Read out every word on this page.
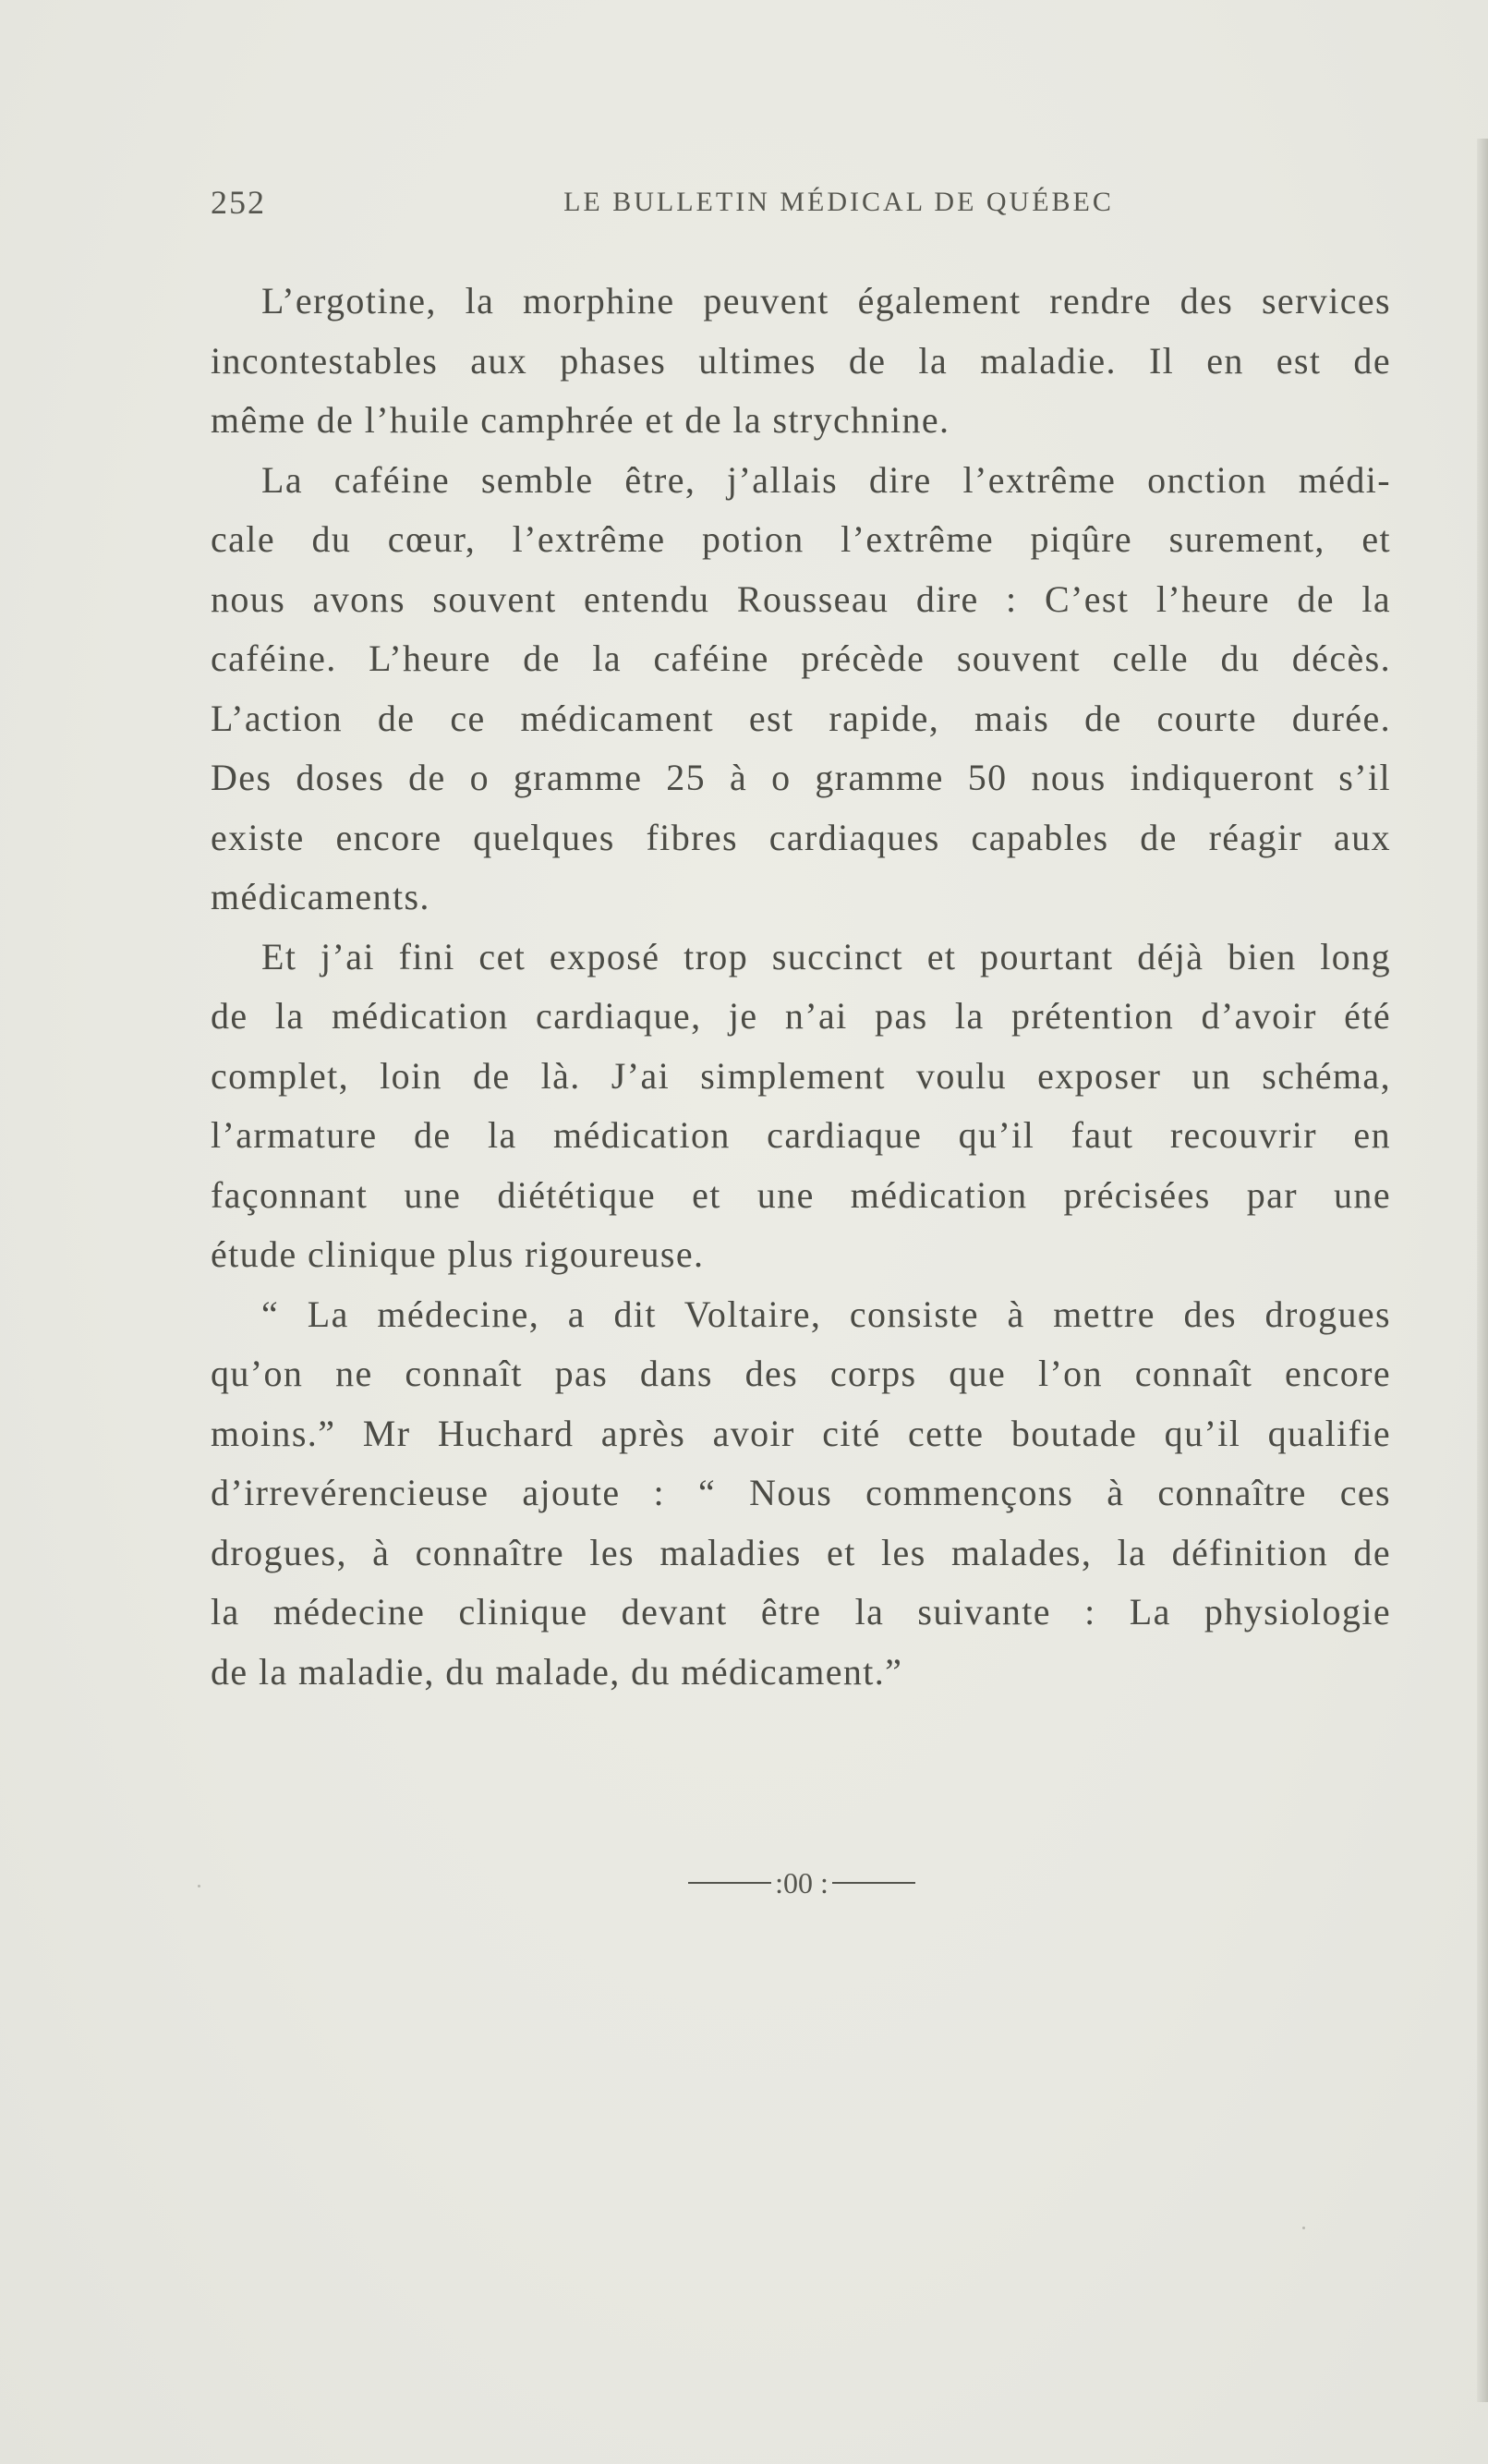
252	LE BULLETIN MÉDICAL DE QUÉBEC
L’ergotine, la morphine peuvent également rendre des services
incontestables aux phases ultimes de la maladie. Il en est de
même de l’huile camphrée et de la strychnine.
La caféine semble être, j’allais dire l’extrême onction médi-
cale du cœur, l’extrême potion l’extrême piqûre surement, et
nous avons souvent entendu Rousseau dire : C’est l’heure de la
caféine. L’heure de la caféine précède souvent celle du décès.
L’action de ce médicament est rapide, mais de courte durée.
Des doses de o gramme 25 à o gramme 50 nous indiqueront s’il
existe encore quelques fibres cardiaques capables de réagir aux
médicaments.
Et j’ai fini cet exposé trop succinct et pourtant déjà bien long
de la médication cardiaque, je n’ai pas la prétention d’avoir été
complet, loin de là. J’ai simplement voulu exposer un schéma,
l’armature de la médication cardiaque qu’il faut recouvrir en
façonnant une diététique et une médication précisées par une
étude clinique plus rigoureuse.
“ La médecine, a dit Voltaire, consiste à mettre des drogues
qu’on ne connaît pas dans des corps que l’on connaît encore
moins.” Mr Huchard après avoir cité cette boutade qu’il qualifie
d’irrevérencieuse ajoute : “ Nous commençons à connaître ces
drogues, à connaître les maladies et les malades, la définition de
la médecine clinique devant être la suivante : La physiologie
de la maladie, du malade, du médicament.”
:00 :
